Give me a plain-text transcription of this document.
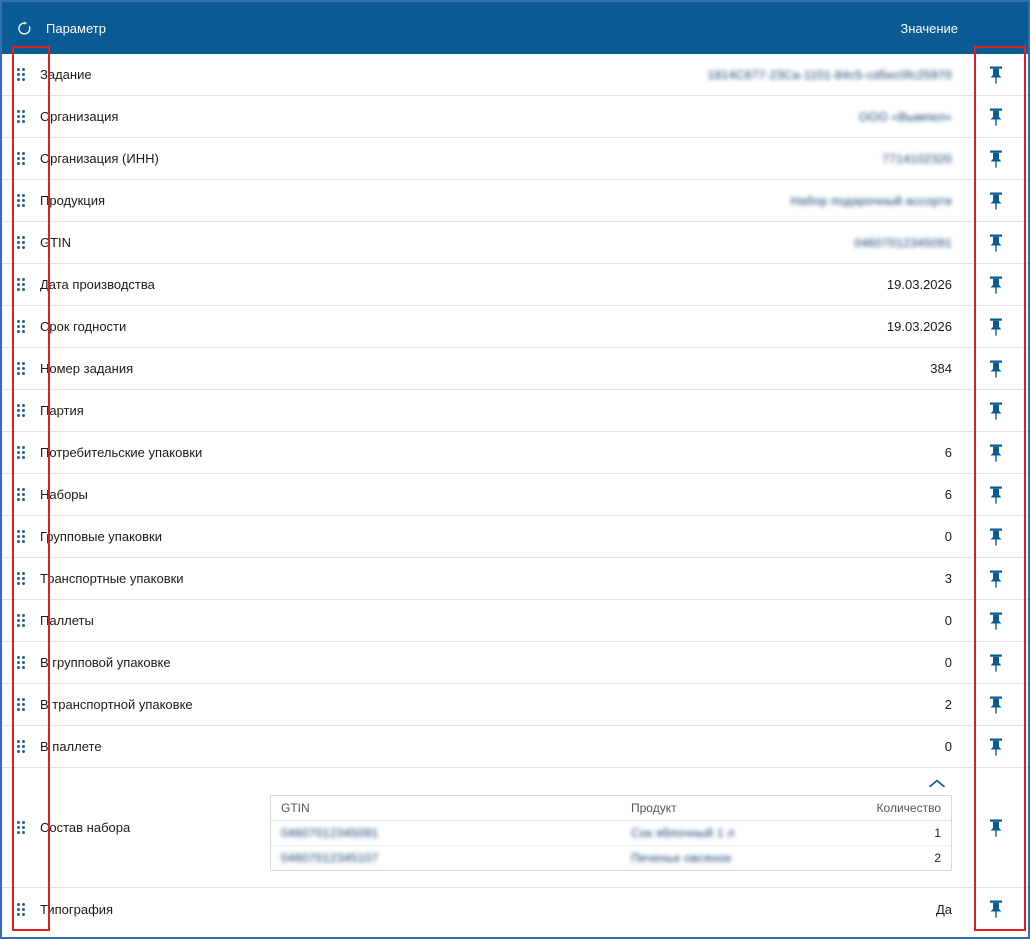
Параметр	Значение
Задание	1814C877-23Ca-1101-84c5-cd5ec0fc25970
Организация	ООО «Вымпел»
Организация (ИНН)	7714102320
Продукция	Набор подарочный ассорти
GTIN	04607012345091
Дата производства	19.03.2026
Срок годности	19.03.2026
Номер задания	384
Партия
Потребительские упаковки	6
Наборы	6
Групповые упаковки	0
Транспортные упаковки	3
Паллеты	0
В групповой упаковке	0
В транспортной упаковке	2
В паллете	0
Состав набора
GTIN	Продукт	Количество
04607012345091	Сок яблочный 1 л	1
04607012345107	Печенье овсяное	2
Типография	Да
